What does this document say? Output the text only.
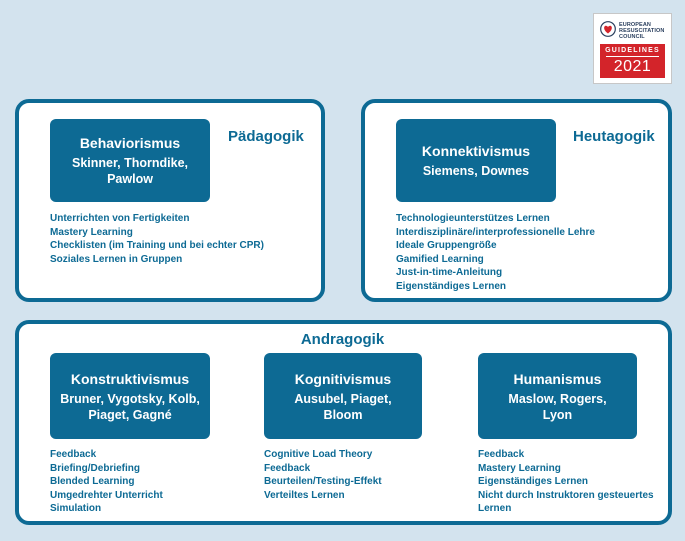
EUROPEAN
RESUSCITATION
COUNCIL
GUIDELINES
2021
Pädagogik
Behaviorismus
Skinner, Thorndike, Pawlow
Unterrichten von Fertigkeiten
Mastery Learning
Checklisten (im Training und bei echter CPR)
Soziales Lernen in Gruppen
Heutagogik
Konnektivismus
Siemens, Downes
Technologieunterstützes Lernen
Interdisziplinäre/interprofessionelle Lehre
Ideale Gruppengröße
Gamified Learning
Just-in-time-Anleitung
Eigenständiges Lernen
Andragogik
Konstruktivismus
Bruner, Vygotsky, Kolb, Piaget, Gagné
Feedback
Briefing/Debriefing
Blended Learning
Umgedrehter Unterricht
Simulation
Kognitivismus
Ausubel, Piaget, Bloom
Cognitive Load Theory
Feedback
Beurteilen/Testing-Effekt
Verteiltes Lernen
Humanismus
Maslow, Rogers, Lyon
Feedback
Mastery Learning
Eigenständiges Lernen
Nicht durch Instruktoren gesteuertes
Lernen
